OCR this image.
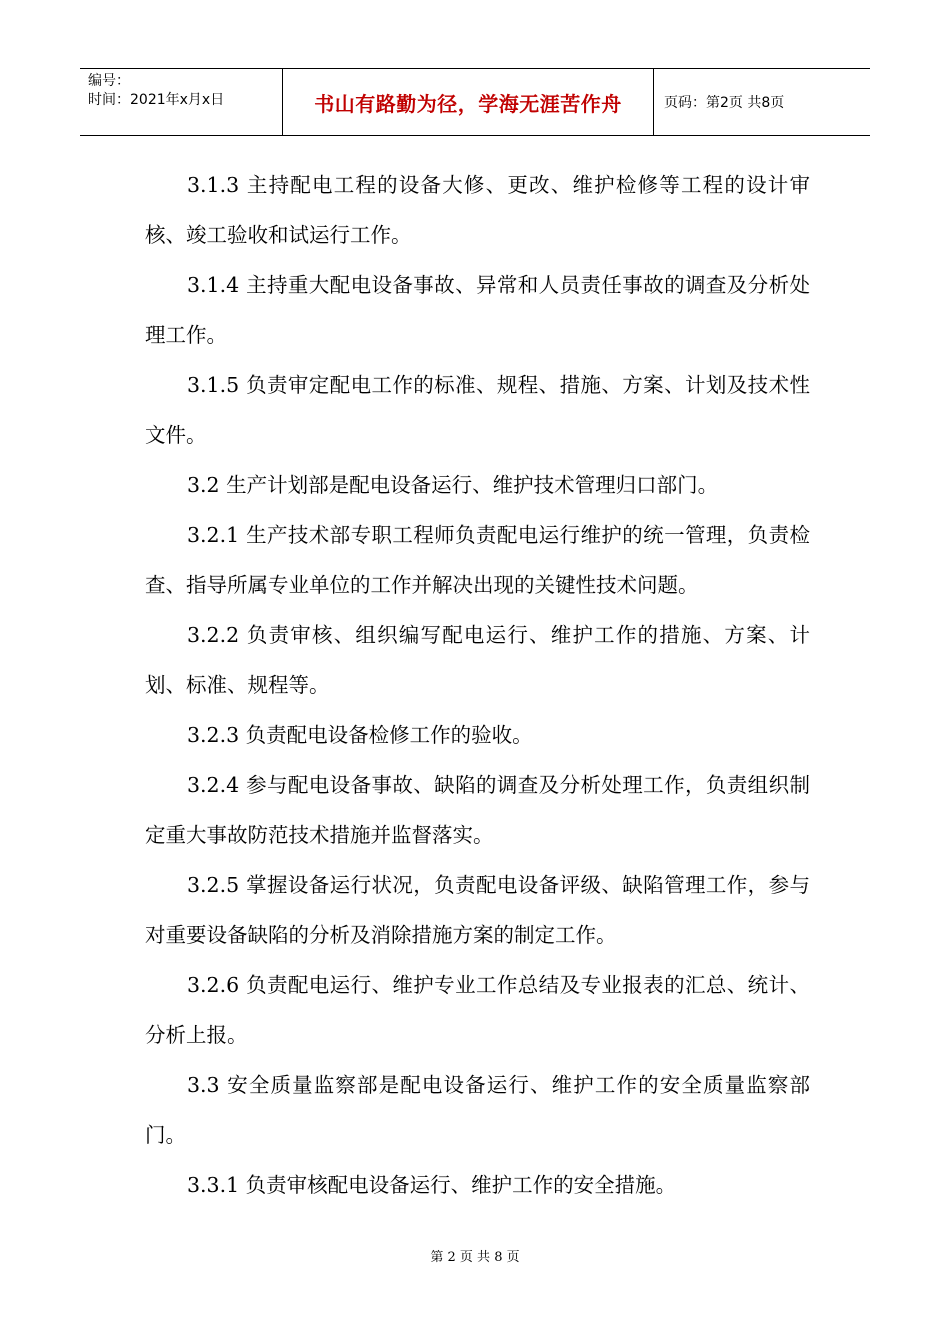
编号：
时间：2021年x月x日	书山有路勤为径，学海无涯苦作舟	页码：第2页 共8页

3.1.3 主持配电工程的设备大修、更改、维护检修等工程的设计审核、竣工验收和试运行工作。

3.1.4 主持重大配电设备事故、异常和人员责任事故的调查及分析处理工作。

3.1.5 负责审定配电工作的标准、规程、措施、方案、计划及技术性文件。

3.2 生产计划部是配电设备运行、维护技术管理归口部门。

3.2.1 生产技术部专职工程师负责配电运行维护的统一管理，负责检查、指导所属专业单位的工作并解决出现的关键性技术问题。

3.2.2 负责审核、组织编写配电运行、维护工作的措施、方案、计划、标准、规程等。

3.2.3 负责配电设备检修工作的验收。

3.2.4 参与配电设备事故、缺陷的调查及分析处理工作，负责组织制定重大事故防范技术措施并监督落实。

3.2.5 掌握设备运行状况，负责配电设备评级、缺陷管理工作，参与对重要设备缺陷的分析及消除措施方案的制定工作。

3.2.6 负责配电运行、维护专业工作总结及专业报表的汇总、统计、分析上报。

3.3 安全质量监察部是配电设备运行、维护工作的安全质量监察部门。

3.3.1 负责审核配电设备运行、维护工作的安全措施。

第 2 页 共 8 页
